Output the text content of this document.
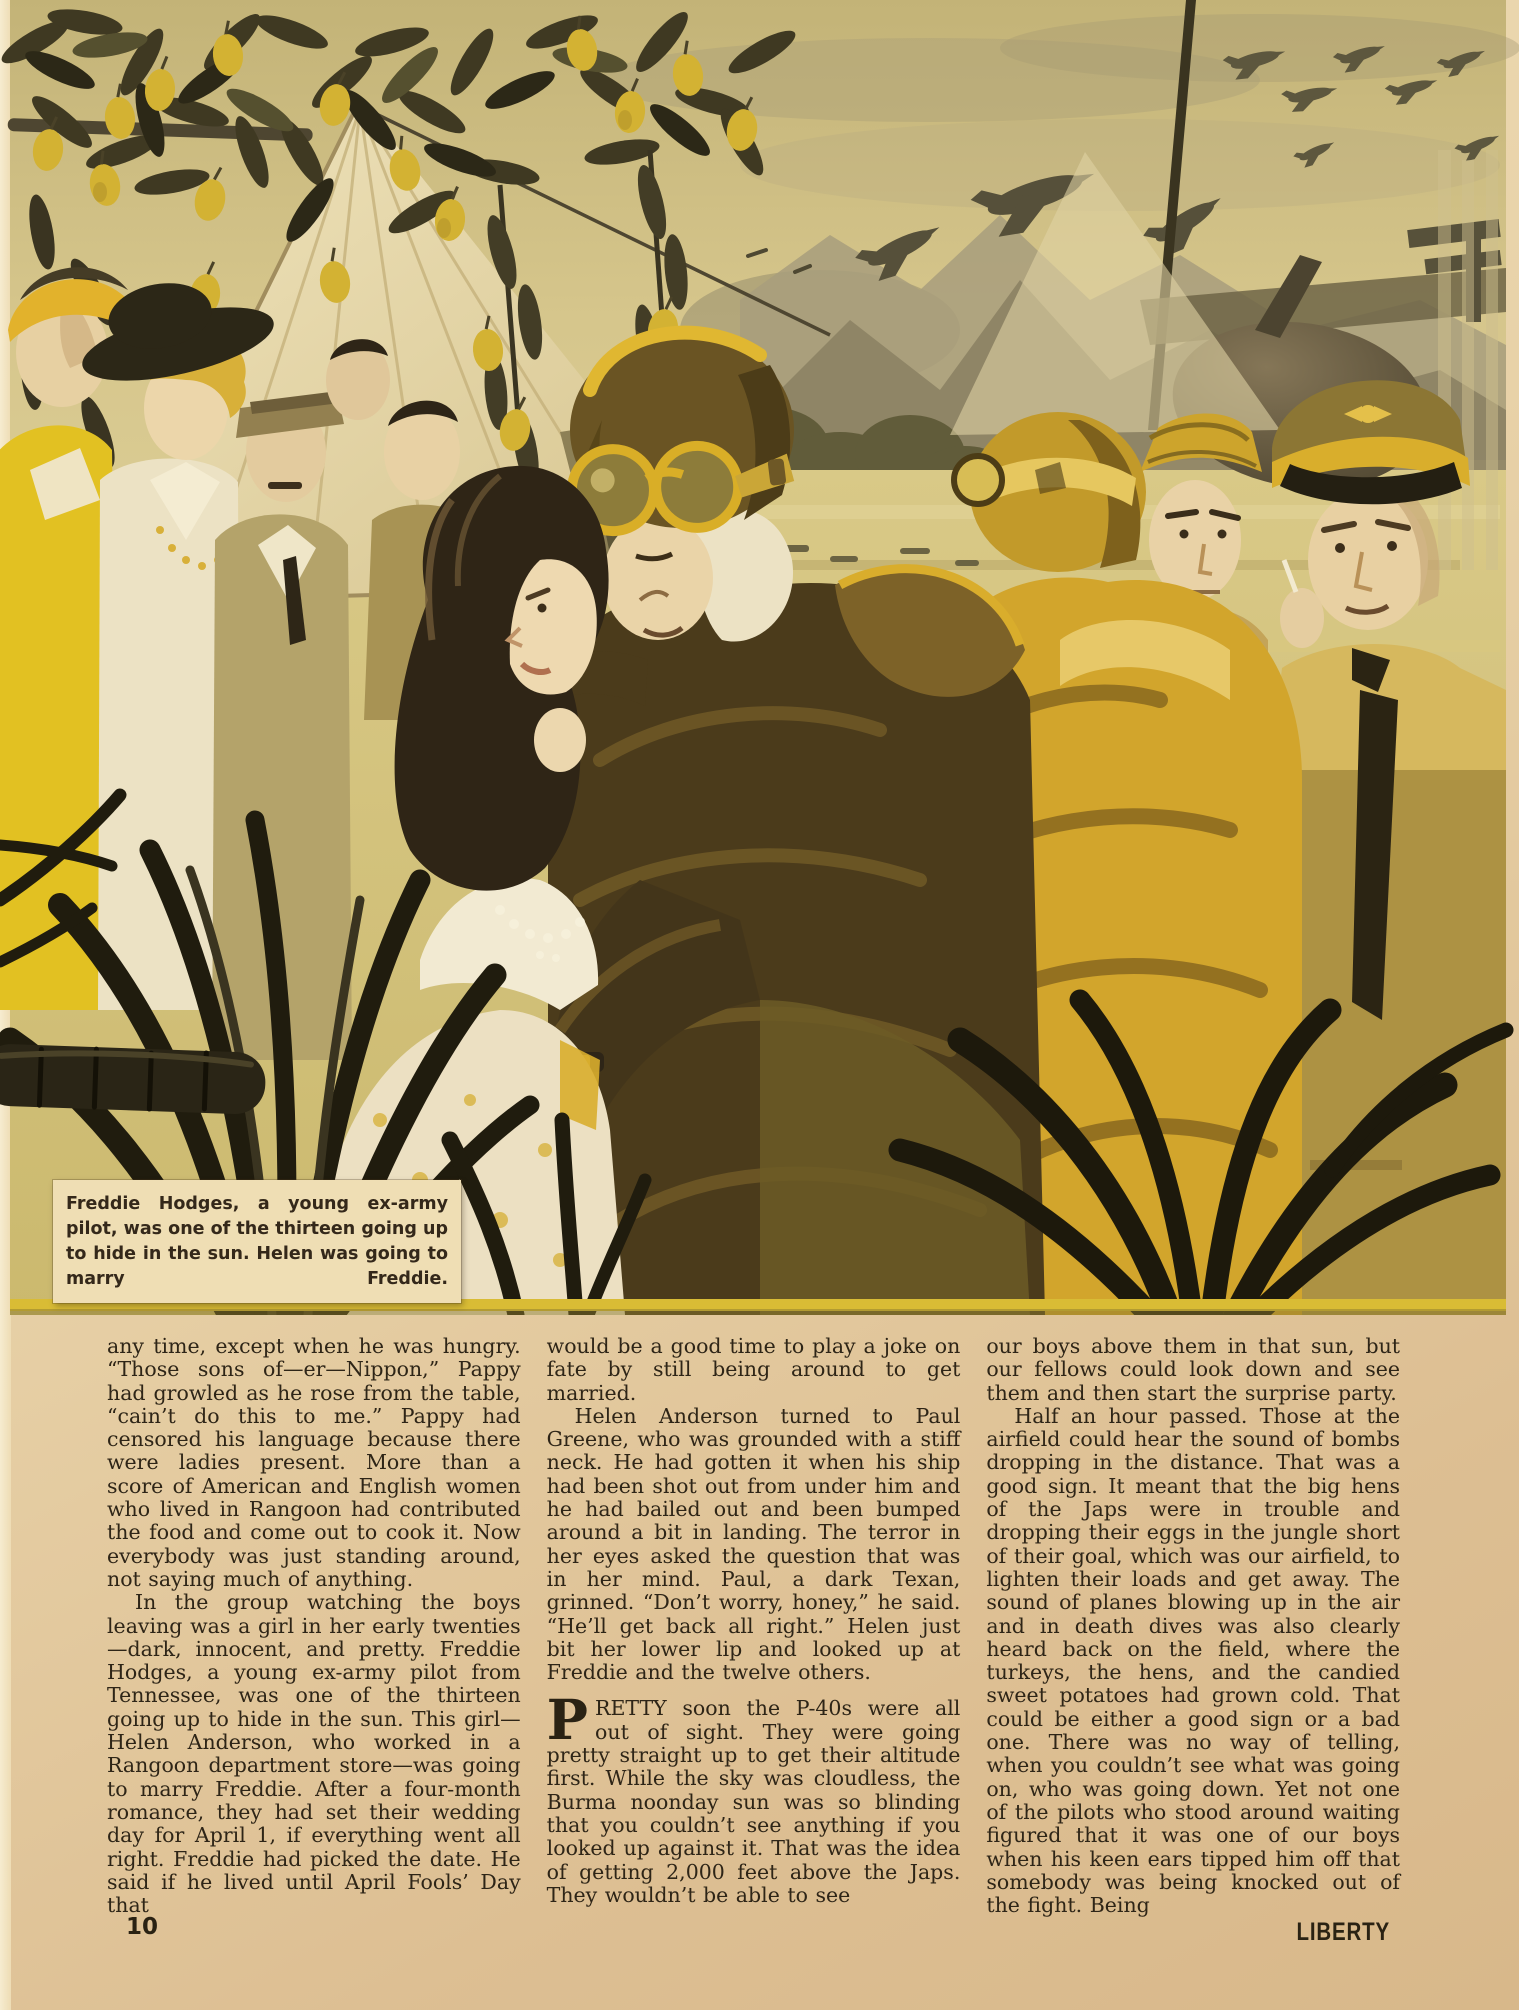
Freddie Hodges, a young ex-army pilot, was one of the thirteen going up to hide in the sun. Helen was going to marry Freddie.

any time, except when he was hungry. “Those sons of—er—Nippon,” Pappy had growled as he rose from the table, “cain’t do this to me.” Pappy had censored his language because there were ladies present. More than a score of American and English women who lived in Rangoon had contributed the food and come out to cook it. Now everybody was just standing around, not saying much of anything.

In the group watching the boys leaving was a girl in her early twenties—dark, innocent, and pretty. Freddie Hodges, a young ex-army pilot from Tennessee, was one of the thirteen going up to hide in the sun. This girl—Helen Anderson, who worked in a Rangoon department store—was going to marry Freddie. After a four-month romance, they had set their wedding day for April 1, if everything went all right. Freddie had picked the date. He said if he lived until April Fools’ Day that

would be a good time to play a joke on fate by still being around to get married.

Helen Anderson turned to Paul Greene, who was grounded with a stiff neck. He had gotten it when his ship had been shot out from under him and he had bailed out and been bumped around a bit in landing. The terror in her eyes asked the question that was in her mind. Paul, a dark Texan, grinned. “Don’t worry, honey,” he said. “He’ll get back all right.” Helen just bit her lower lip and looked up at Freddie and the twelve others.

PRETTY soon the P-40s were all out of sight. They were going pretty straight up to get their altitude first. While the sky was cloudless, the Burma noonday sun was so blinding that you couldn’t see anything if you looked up against it. That was the idea of getting 2,000 feet above the Japs. They wouldn’t be able to see

our boys above them in that sun, but our fellows could look down and see them and then start the surprise party.

Half an hour passed. Those at the airfield could hear the sound of bombs dropping in the distance. That was a good sign. It meant that the big hens of the Japs were in trouble and dropping their eggs in the jungle short of their goal, which was our airfield, to lighten their loads and get away. The sound of planes blowing up in the air and in death dives was also clearly heard back on the field, where the turkeys, the hens, and the candied sweet potatoes had grown cold. That could be either a good sign or a bad one. There was no way of telling, when you couldn’t see what was going on, who was going down. Yet not one of the pilots who stood around waiting figured that it was one of our boys when his keen ears tipped him off that somebody was being knocked out of the fight. Being

10	LIBERTY
